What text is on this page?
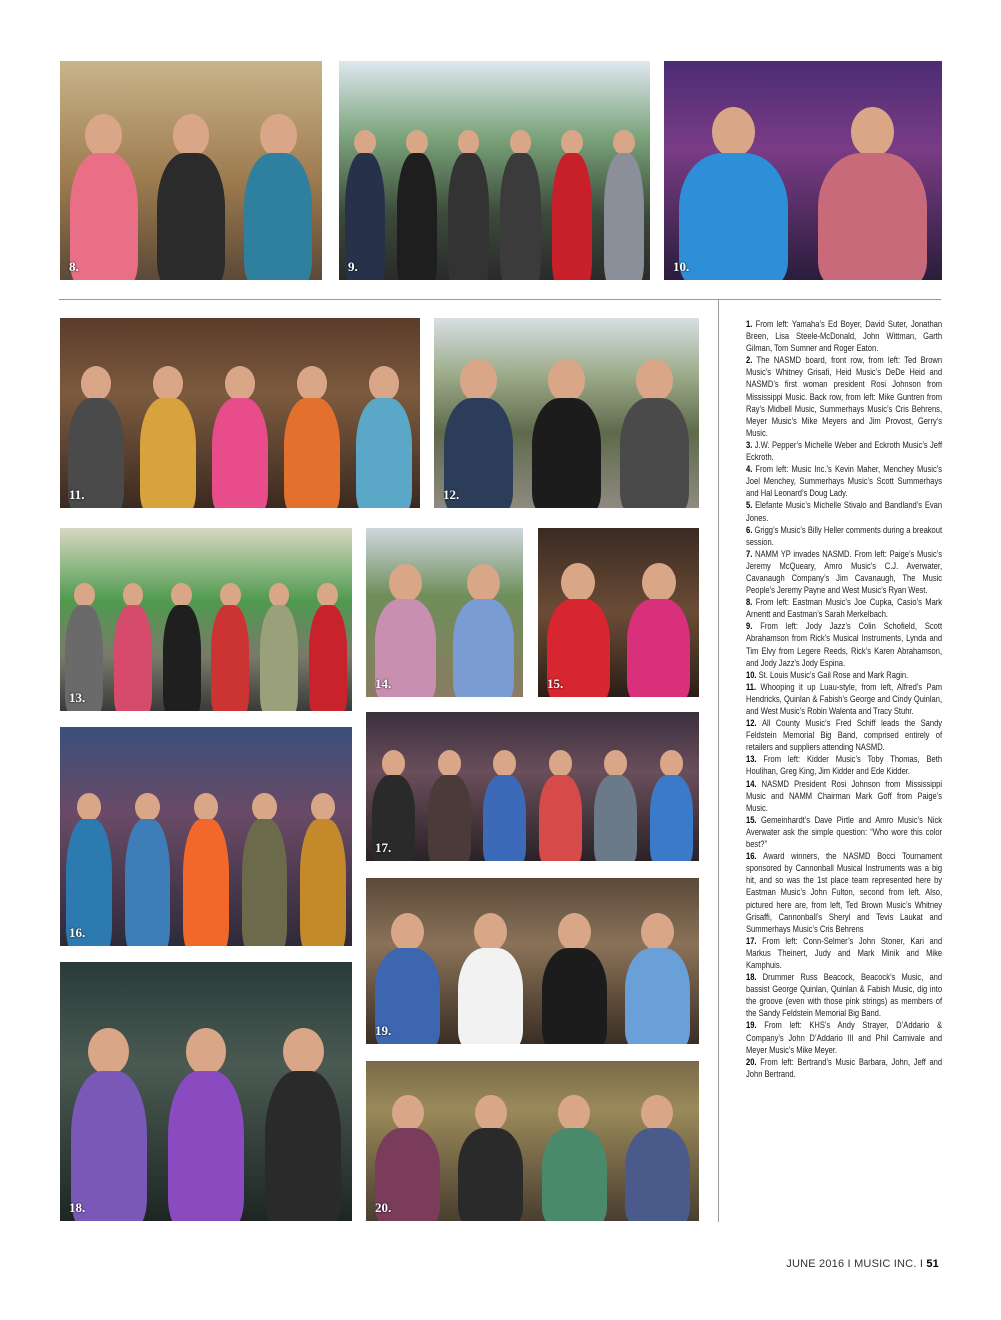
8.	9.	10.
11.	12.
13.
14.	15.
16.
17.
18.
19.
20.

1. From left: Yamaha’s Ed Boyer, David Suter, Jonathan Breen, Lisa Steele-McDonald, John Wittman, Garth Gilman, Tom Sumner and Roger Eaton.

2. The NASMD board, front row, from left: Ted Brown Music’s Whitney Grisafi, Heid Music’s DeDe Heid and NASMD’s first woman president Rosi Johnson from Mississippi Music. Back row, from left: Mike Guntren from Ray’s Midbell Music, Summerhays Music’s Cris Behrens, Meyer Music’s Mike Meyers and Jim Provost, Gerry’s Music.

3. J.W. Pepper’s Michelle Weber and Eckroth Music’s Jeff Eckroth.

4. From left: Music Inc.’s Kevin Maher, Menchey Music’s Joel Menchey, Summerhays Music’s Scott Summerhays and Hal Leonard’s Doug Lady.

5. Elefante Music’s Michelle Stivalo and Bandland’s Evan Jones.

6. Grigg’s Music’s Billy Heller comments during a breakout session.

7. NAMM YP invades NASMD. From left: Paige’s Music’s Jeremy McQueary, Amro Music’s C.J. Averwater, Cavanaugh Company’s Jim Cavanaugh, The Music People’s Jeremy Payne and West Music’s Ryan West.

8. From left: Eastman Music’s Joe Cupka, Casio’s Mark Arnentt and Eastman’s Sarah Merkelbach.

9. From left: Jody Jazz’s Colin Schofield, Scott Abrahamson from Rick’s Musical Instruments, Lynda and Tim Elvy from Legere Reeds, Rick’s Karen Abrahamson, and Jody Jazz’s Jody Espina.

10. St. Louis Music’s Gail Rose and Mark Ragin.

11. Whooping it up Luau-style, from left, Alfred’s Pam Hendricks, Quinlan & Fabish’s George and Cindy Quinlan, and West Music’s Robin Walenta and Tracy Stuhr.

12. All County Music’s Fred Schiff leads the Sandy Feldstein Memorial Big Band, comprised entirely of retailers and suppliers attending NASMD.

13. From left: Kidder Music’s Toby Thomas, Beth Houlihan, Greg King, Jim Kidder and Ede Kidder.

14. NASMD President Rosi Johnson from Mississippi Music and NAMM Chairman Mark Goff from Paige’s Music.

15. Gemeinhardt’s Dave Pirtle and Amro Music’s Nick Averwater ask the simple question: “Who wore this color best?”

16. Award winners, the NASMD Bocci Tournament sponsored by Cannonball Musical Instruments was a big hit, and so was the 1st place team represented here by Eastman Music’s John Fulton, second from left. Also, pictured here are, from left, Ted Brown Music’s Whitney Grisaffi, Cannonball’s Sheryl and Tevis Laukat and Summerhays Music’s Cris Behrens

17. From left: Conn-Selmer’s John Stoner, Kari and Markus Theinert, Judy and Mark Minik and Mike Kamphuis.

18. Drummer Russ Beacock, Beacock’s Music, and bassist George Quinlan, Quinlan & Fabish Music, dig into the groove (even with those pink strings) as members of the Sandy Feldstein Memorial Big Band.

19. From left: KHS’s Andy Strayer, D’Addario & Company’s John D’Addario III and Phil Carnivale and Meyer Music’s Mike Meyer.

20. From left: Bertrand’s Music Barbara, John, Jeff and John Bertrand.

JUNE 2016 I MUSIC INC. I 51
